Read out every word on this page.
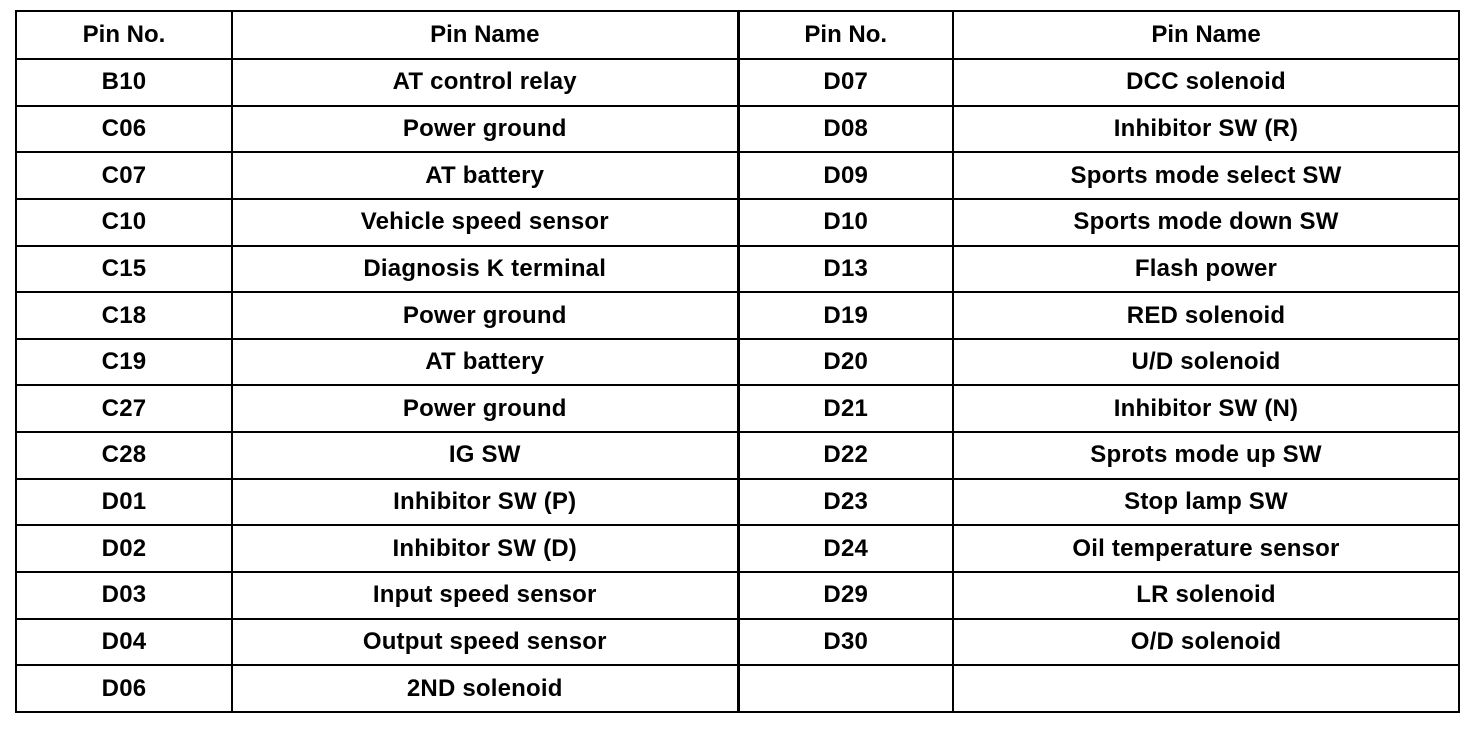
Pin No.	Pin Name	Pin No.	Pin Name
B10	AT control relay	D07	DCC solenoid
C06	Power ground	D08	Inhibitor SW (R)
C07	AT battery	D09	Sports mode select SW
C10	Vehicle speed sensor	D10	Sports mode down SW
C15	Diagnosis K terminal	D13	Flash power
C18	Power ground	D19	RED solenoid
C19	AT battery	D20	U/D solenoid
C27	Power ground	D21	Inhibitor SW (N)
C28	IG SW	D22	Sprots mode up SW
D01	Inhibitor SW (P)	D23	Stop lamp SW
D02	Inhibitor SW (D)	D24	Oil temperature sensor
D03	Input speed sensor	D29	LR solenoid
D04	Output speed sensor	D30	O/D solenoid
D06	2ND solenoid		
